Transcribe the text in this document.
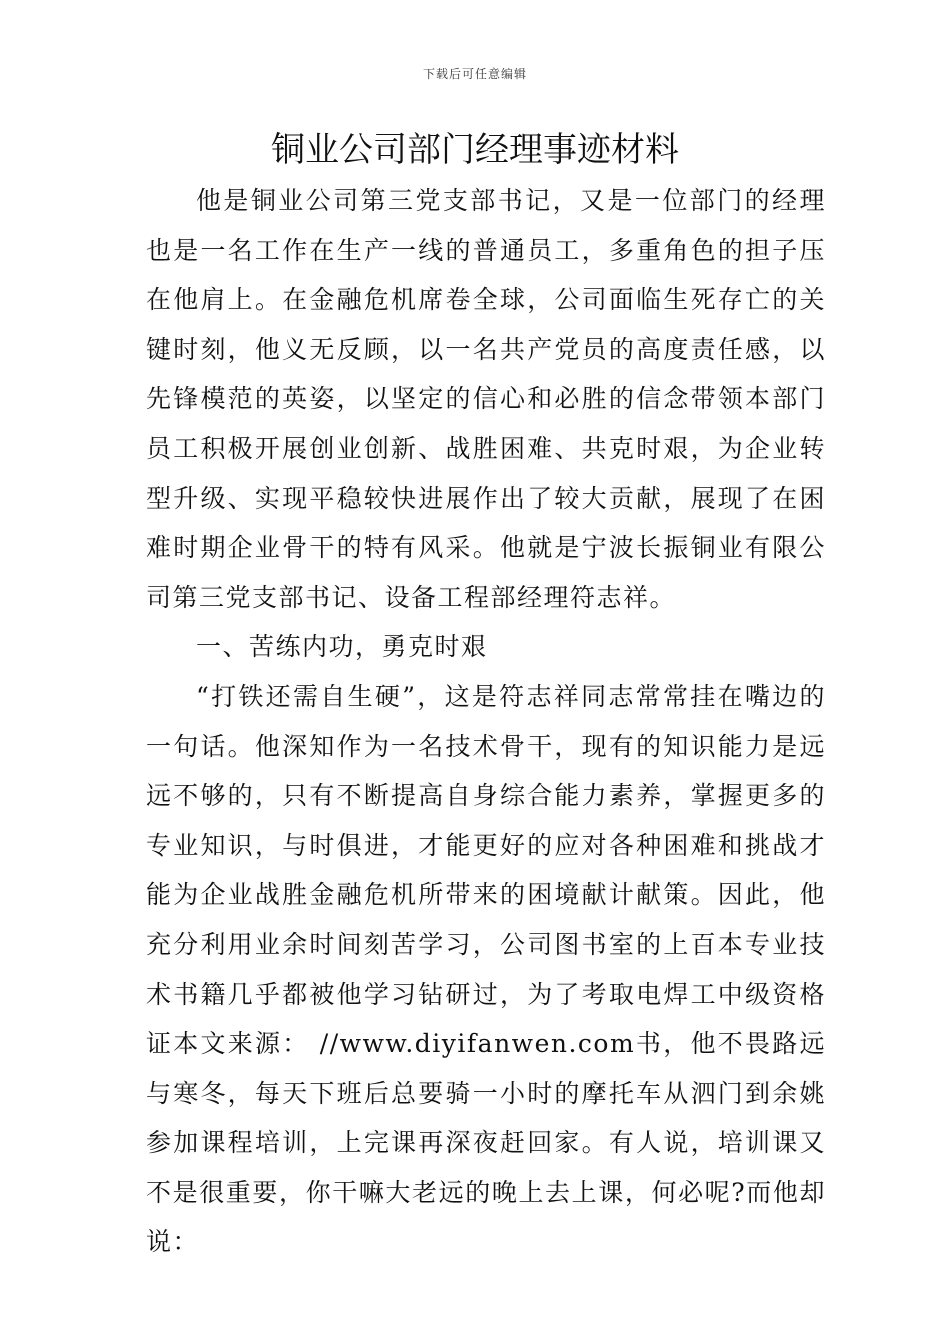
下载后可任意编辑
铜业公司部门经理事迹材料

他是铜业公司第三党支部书记，又是一位部门的经理也是一名工作在生产一线的普通员工，多重角色的担子压在他肩上。在金融危机席卷全球，公司面临生死存亡的关键时刻，他义无反顾，以一名共产党员的高度责任感，以先锋模范的英姿，以坚定的信心和必胜的信念带领本部门员工积极开展创业创新、战胜困难、共克时艰，为企业转型升级、实现平稳较快进展作出了较大贡献，展现了在困难时期企业骨干的特有风采。他就是宁波长振铜业有限公司第三党支部书记、设备工程部经理符志祥。

一、苦练内功，勇克时艰

“打铁还需自生硬”，这是符志祥同志常常挂在嘴边的一句话。他深知作为一名技术骨干，现有的知识能力是远远不够的，只有不断提高自身综合能力素养，掌握更多的专业知识，与时俱进，才能更好的应对各种困难和挑战才能为企业战胜金融危机所带来的困境献计献策。因此，他充分利用业余时间刻苦学习，公司图书室的上百本专业技术书籍几乎都被他学习钻研过，为了考取电焊工中级资格证本文来源： //www.diyifanwen.com书，他不畏路远与寒冬，每天下班后总要骑一小时的摩托车从泗门到余姚参加课程培训，上完课再深夜赶回家。有人说，培训课又不是很重要，你干嘛大老远的晚上去上课，何必呢?而他却说：
